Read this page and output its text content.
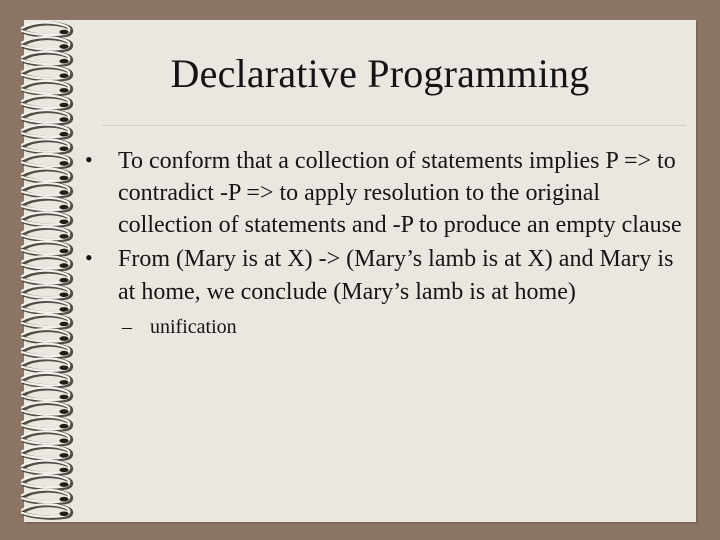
Declarative Programming
• To conform that a collection of statements implies P => to contradict -P => to apply resolution to the original collection of statements and -P to produce an empty clause
• From (Mary is at X) -> (Mary’s lamb is at X) and Mary is at home, we conclude (Mary’s lamb is at home)
– unification
